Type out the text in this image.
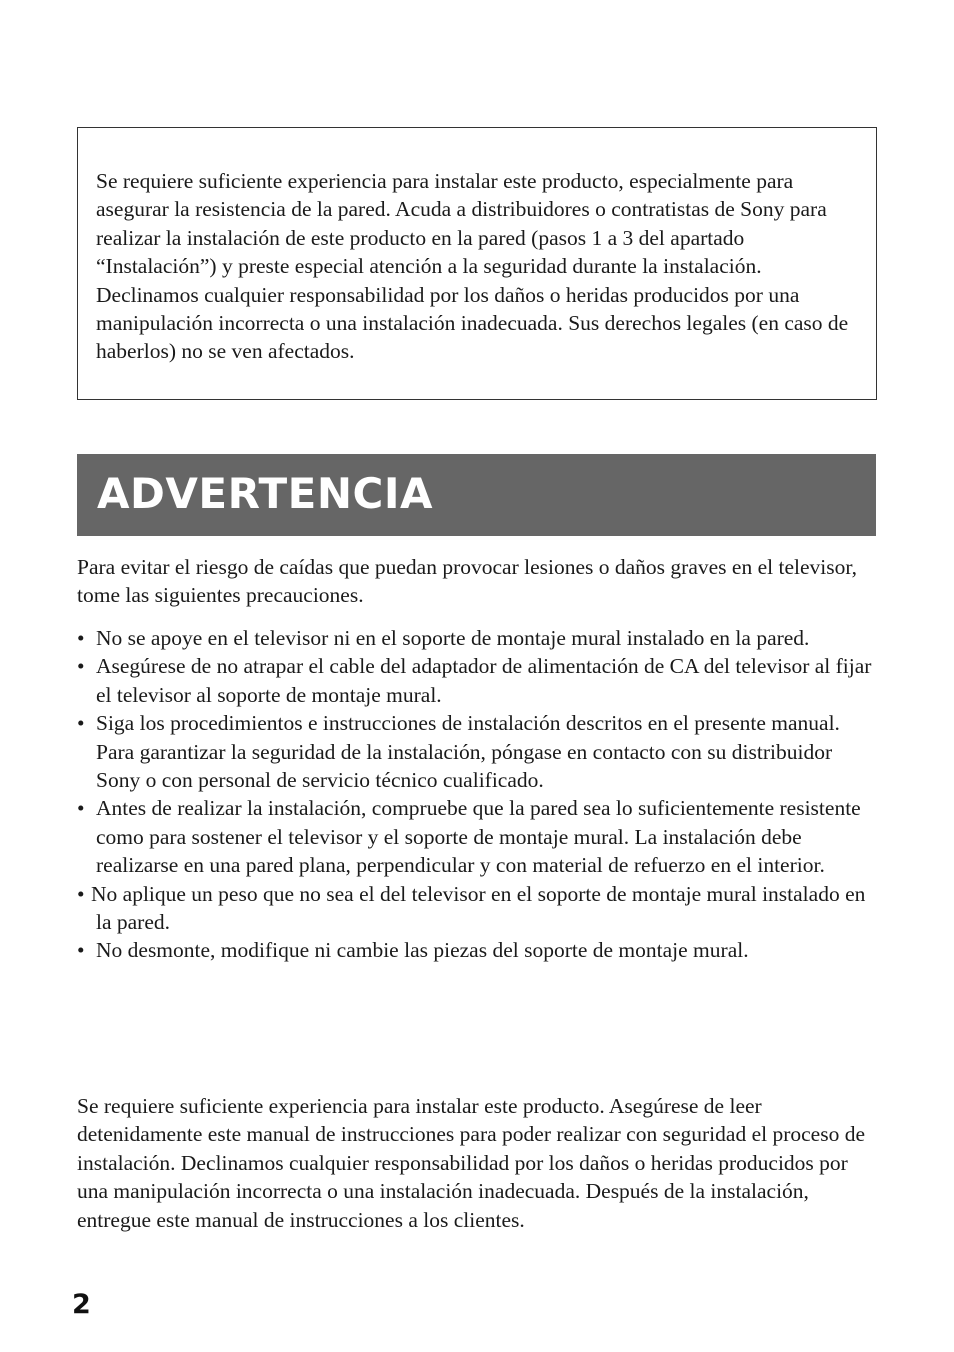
Se requiere suficiente experiencia para instalar este producto, especialmente para asegurar la resistencia de la pared. Acuda a distribuidores o contratistas de Sony para realizar la instalación de este producto en la pared (pasos 1 a 3 del apartado “Instalación”) y preste especial atención a la seguridad durante la instalación. Declinamos cualquier responsabilidad por los daños o heridas producidos por una manipulación incorrecta o una instalación inadecuada. Sus derechos legales (en caso de haberlos) no se ven afectados.

ADVERTENCIA

Para evitar el riesgo de caídas que puedan provocar lesiones o daños graves en el televisor, tome las siguientes precauciones.

• No se apoye en el televisor ni en el soporte de montaje mural instalado en la pared.
• Asegúrese de no atrapar el cable del adaptador de alimentación de CA del televisor al fijar el televisor al soporte de montaje mural.
• Siga los procedimientos e instrucciones de instalación descritos en el presente manual.
Para garantizar la seguridad de la instalación, póngase en contacto con su distribuidor Sony o con personal de servicio técnico cualificado.
• Antes de realizar la instalación, compruebe que la pared sea lo suficientemente resistente como para sostener el televisor y el soporte de montaje mural. La instalación debe realizarse en una pared plana, perpendicular y con material de refuerzo en el interior.
• No aplique un peso que no sea el del televisor en el soporte de montaje mural instalado en la pared.
• No desmonte, modifique ni cambie las piezas del soporte de montaje mural.

Se requiere suficiente experiencia para instalar este producto. Asegúrese de leer detenidamente este manual de instrucciones para poder realizar con seguridad el proceso de instalación. Declinamos cualquier responsabilidad por los daños o heridas producidos por una manipulación incorrecta o una instalación inadecuada. Después de la instalación, entregue este manual de instrucciones a los clientes.

2
